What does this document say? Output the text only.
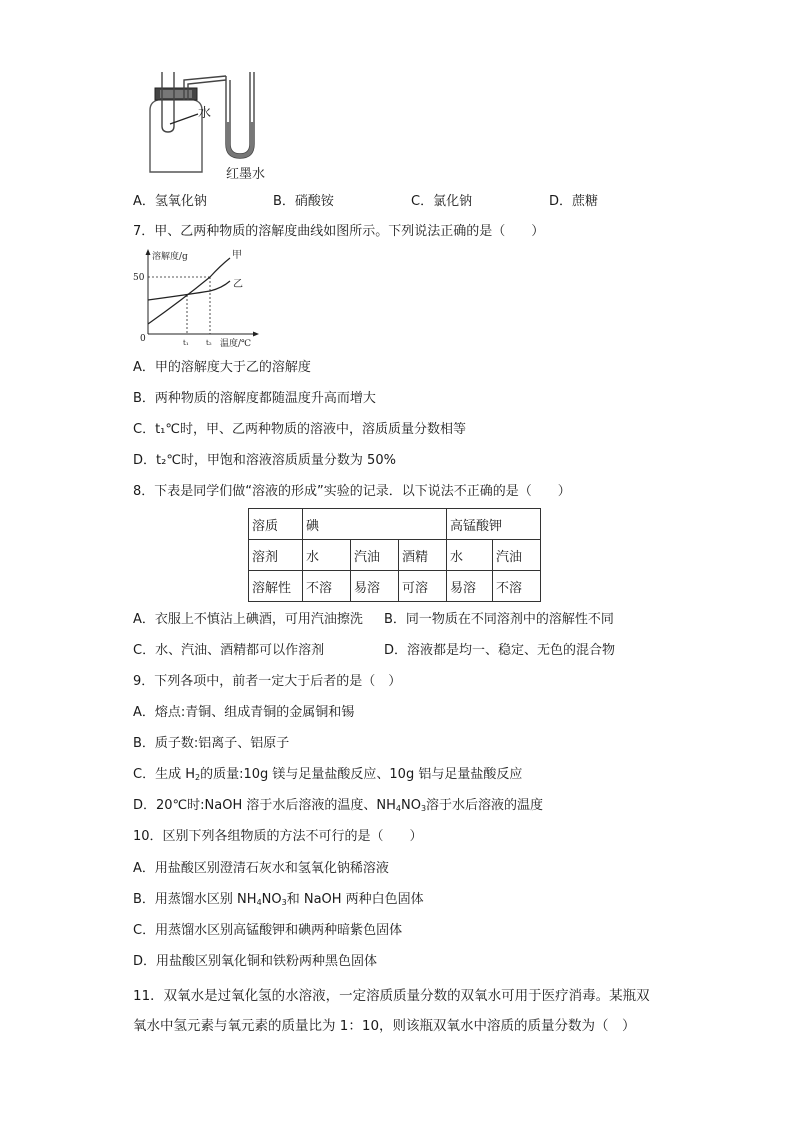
水
红墨水
A．氢氧化钠	B．硝酸铵	C．氯化钠	D．蔗糖
7．甲、乙两种物质的溶解度曲线如图所示。下列说法正确的是（　　）
溶解度/g
温度/℃
0
50
t₁ t₂
甲
乙
A．甲的溶解度大于乙的溶解度
B．两种物质的溶解度都随温度升高而增大
C．t₁℃时，甲、乙两种物质的溶液中，溶质质量分数相等
D．t₂℃时，甲饱和溶液溶质质量分数为 50%
8．下表是同学们做“溶液的形成”实验的记录．以下说法不正确的是（　　）
溶质	碘			高锰酸钾	
溶剂	水	汽油	酒精	水	汽油
溶解性	不溶	易溶	可溶	易溶	不溶
A．衣服上不慎沾上碘酒，可用汽油擦洗 B．同一物质在不同溶剂中的溶解性不同
C．水、汽油、酒精都可以作溶剂	D．溶液都是均一、稳定、无色的混合物
9．下列各项中，前者一定大于后者的是（　）
A．熔点:青铜、组成青铜的金属铜和锡
B．质子数:铝离子、铝原子
C．生成 $H_2$的质量:10g 镁与足量盐酸反应、10g 铝与足量盐酸反应
D．20℃时:NaOH 溶于水后溶液的温度、$NH_4NO_3$溶于水后溶液的温度
10．区别下列各组物质的方法不可行的是（　　）
A．用盐酸区别澄清石灰水和氢氧化钠稀溶液
B．用蒸馏水区别 $NH_4NO_3$和 NaOH 两种白色固体
C．用蒸馏水区别高锰酸钾和碘两种暗紫色固体
D．用盐酸区别氧化铜和铁粉两种黑色固体
11．双氧水是过氧化氢的水溶液，一定溶质质量分数的双氧水可用于医疗消毒。某瓶双
氧水中氢元素与氧元素的质量比为 1：10，则该瓶双氧水中溶质的质量分数为（　）
